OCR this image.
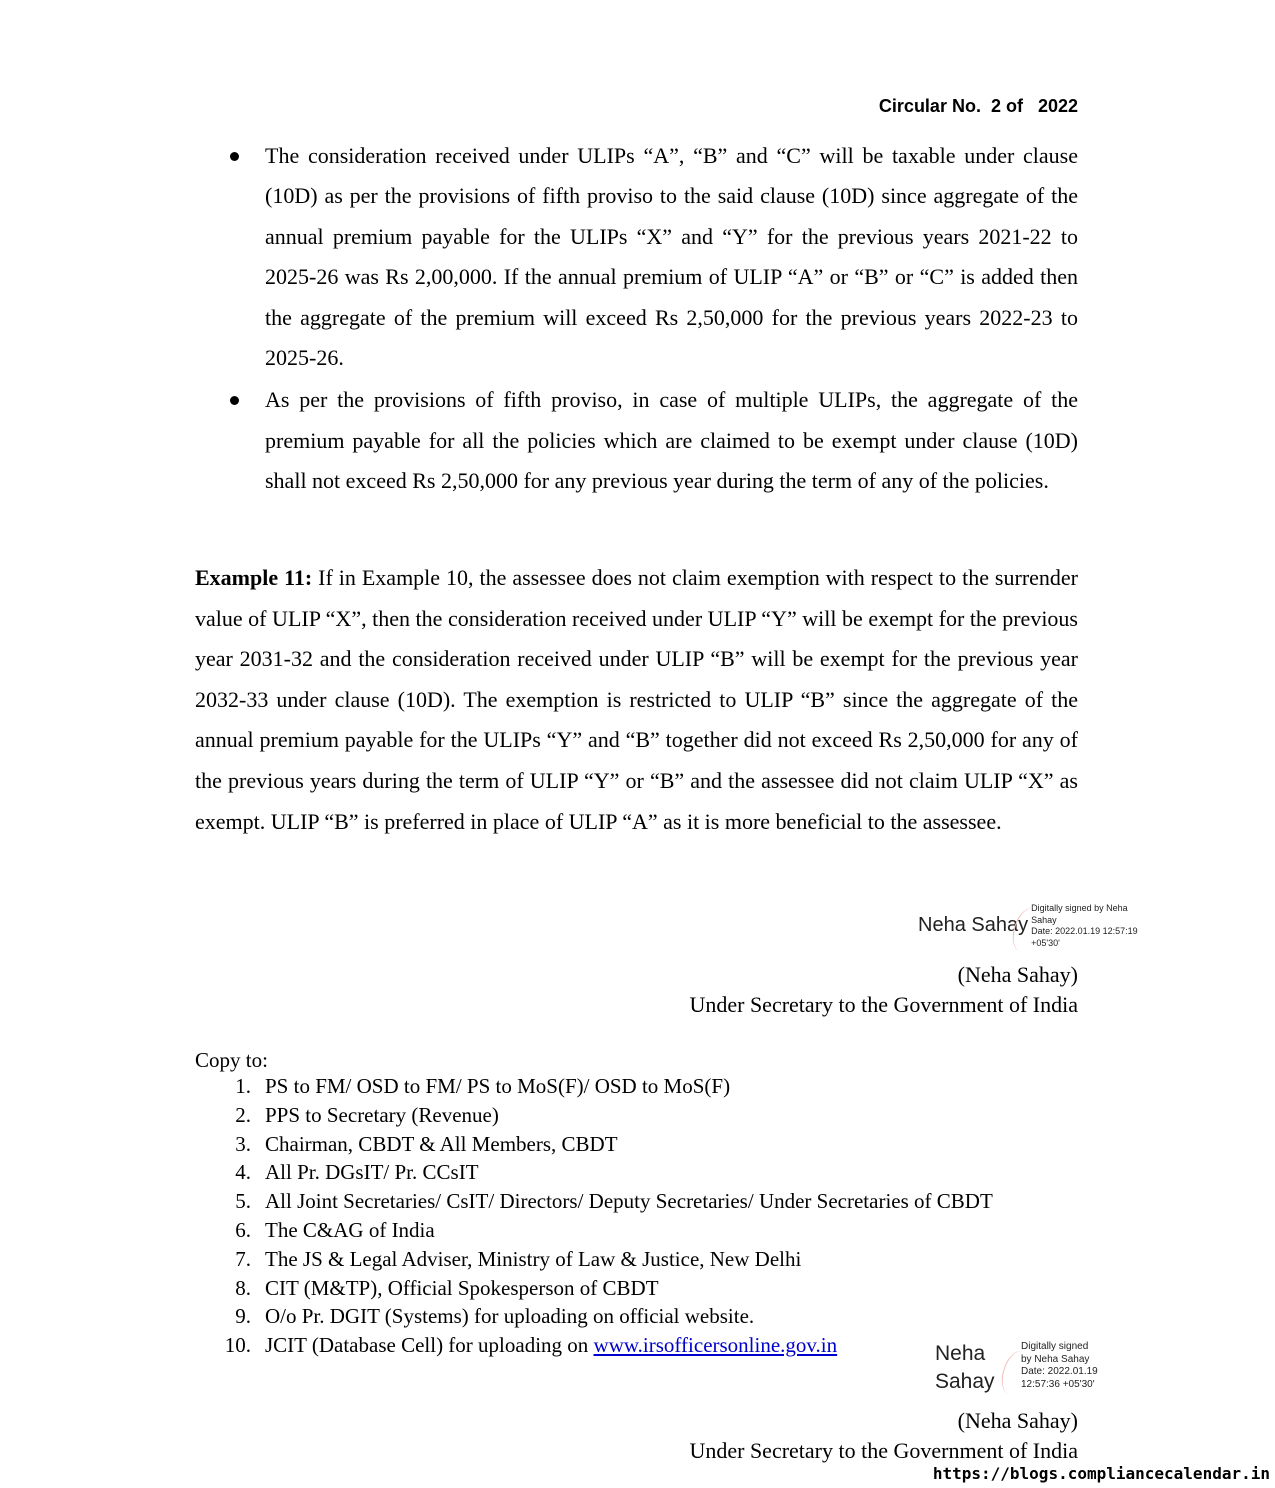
Circular No.  2 of   2022
The consideration received under ULIPs “A”, “B” and “C” will be taxable under clause (10D) as per the provisions of fifth proviso to the said clause (10D) since aggregate of the annual premium payable for the ULIPs “X” and “Y” for the previous years 2021-22 to 2025-26 was Rs 2,00,000. If the annual premium of ULIP “A” or “B” or “C” is added then the aggregate of the premium will exceed Rs 2,50,000 for the previous years 2022-23 to 2025-26.
As per the provisions of fifth proviso, in case of multiple ULIPs, the aggregate of the premium payable for all the policies which are claimed to be exempt under clause (10D) shall not exceed Rs 2,50,000 for any previous year during the term of any of the policies.

Example 11: If in Example 10, the assessee does not claim exemption with respect to the surrender value of ULIP “X”, then the consideration received under ULIP “Y” will be exempt for the previous year 2031-32 and the consideration received under ULIP “B” will be exempt for the previous year 2032-33 under clause (10D). The exemption is restricted to ULIP “B” since the aggregate of the annual premium payable for the ULIPs “Y” and “B” together did not exceed Rs 2,50,000 for any of the previous years during the term of ULIP “Y” or “B” and the assessee did not claim ULIP “X” as exempt. ULIP “B” is preferred in place of ULIP “A” as it is more beneficial to the assessee.

Neha Sahay
Digitally signed by Neha
Sahay
Date: 2022.01.19 12:57:19
+05'30'
(Neha Sahay)
Under Secretary to the Government of India
Copy to:
1. PS to FM/ OSD to FM/ PS to MoS(F)/ OSD to MoS(F)
2. PPS to Secretary (Revenue)
3. Chairman, CBDT & All Members, CBDT
4. All Pr. DGsIT/ Pr. CCsIT
5. All Joint Secretaries/ CsIT/ Directors/ Deputy Secretaries/ Under Secretaries of CBDT
6. The C&AG of India
7. The JS & Legal Adviser, Ministry of Law & Justice, New Delhi
8. CIT (M&TP), Official Spokesperson of CBDT
9. O/o Pr. DGIT (Systems) for uploading on official website.
10. JCIT (Database Cell) for uploading on www.irsofficersonline.gov.in	Neha
Sahay
Digitally signed
by Neha Sahay
Date: 2022.01.19
12:57:36 +05'30'
(Neha Sahay)
Under Secretary to the Government of India
https://blogs.compliancecalendar.in
